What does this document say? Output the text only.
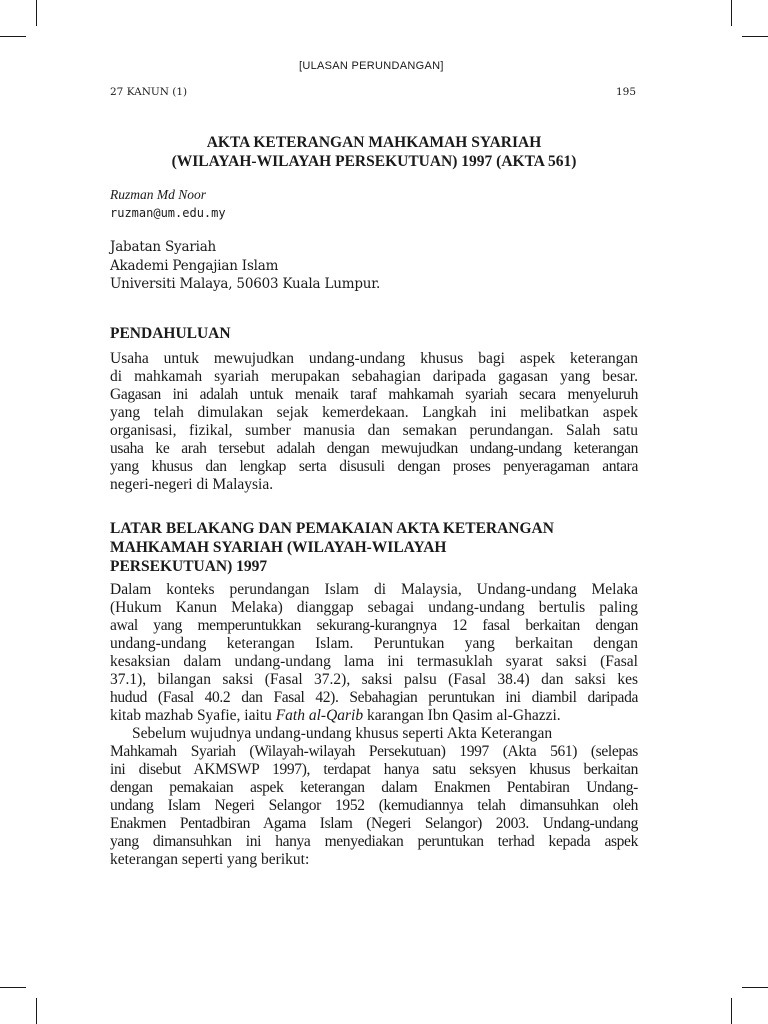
[ULASAN PERUNDANGAN]
27 KANUN (1)	195
AKTA KETERANGAN MAHKAMAH SYARIAH
(WILAYAH-WILAYAH PERSEKUTUAN) 1997 (AKTA 561)
Ruzman Md Noor
ruzman@um.edu.my
Jabatan Syariah
Akademi Pengajian Islam
Universiti Malaya, 50603 Kuala Lumpur.
PENDAHULUAN
Usaha untuk mewujudkan undang-undang khusus bagi aspek keterangan
di mahkamah syariah merupakan sebahagian daripada gagasan yang besar.
Gagasan ini adalah untuk menaik taraf mahkamah syariah secara menyeluruh
yang telah dimulakan sejak kemerdekaan. Langkah ini melibatkan aspek
organisasi, fizikal, sumber manusia dan semakan perundangan. Salah satu
usaha ke arah tersebut adalah dengan mewujudkan undang-undang keterangan
yang khusus dan lengkap serta disusuli dengan proses penyeragaman antara
negeri-negeri di Malaysia.
LATAR BELAKANG DAN PEMAKAIAN AKTA KETERANGAN
MAHKAMAH SYARIAH (WILAYAH-WILAYAH
PERSEKUTUAN) 1997
Dalam konteks perundangan Islam di Malaysia, Undang-undang Melaka
(Hukum Kanun Melaka) dianggap sebagai undang-undang bertulis paling
awal yang memperuntukkan sekurang-kurangnya 12 fasal berkaitan dengan
undang-undang keterangan Islam. Peruntukan yang berkaitan dengan
kesaksian dalam undang-undang lama ini termasuklah syarat saksi (Fasal
37.1), bilangan saksi (Fasal 37.2), saksi palsu (Fasal 38.4) dan saksi kes
hudud (Fasal 40.2 dan Fasal 42). Sebahagian peruntukan ini diambil daripada
kitab mazhab Syafie, iaitu Fath al-Qarib karangan Ibn Qasim al-Ghazzi.
Sebelum wujudnya undang-undang khusus seperti Akta Keterangan
Mahkamah Syariah (Wilayah-wilayah Persekutuan) 1997 (Akta 561) (selepas
ini disebut AKMSWP 1997), terdapat hanya satu seksyen khusus berkaitan
dengan pemakaian aspek keterangan dalam Enakmen Pentabiran Undang-
undang Islam Negeri Selangor 1952 (kemudiannya telah dimansuhkan oleh
Enakmen Pentadbiran Agama Islam (Negeri Selangor) 2003. Undang-undang
yang dimansuhkan ini hanya menyediakan peruntukan terhad kepada aspek
keterangan seperti yang berikut:
